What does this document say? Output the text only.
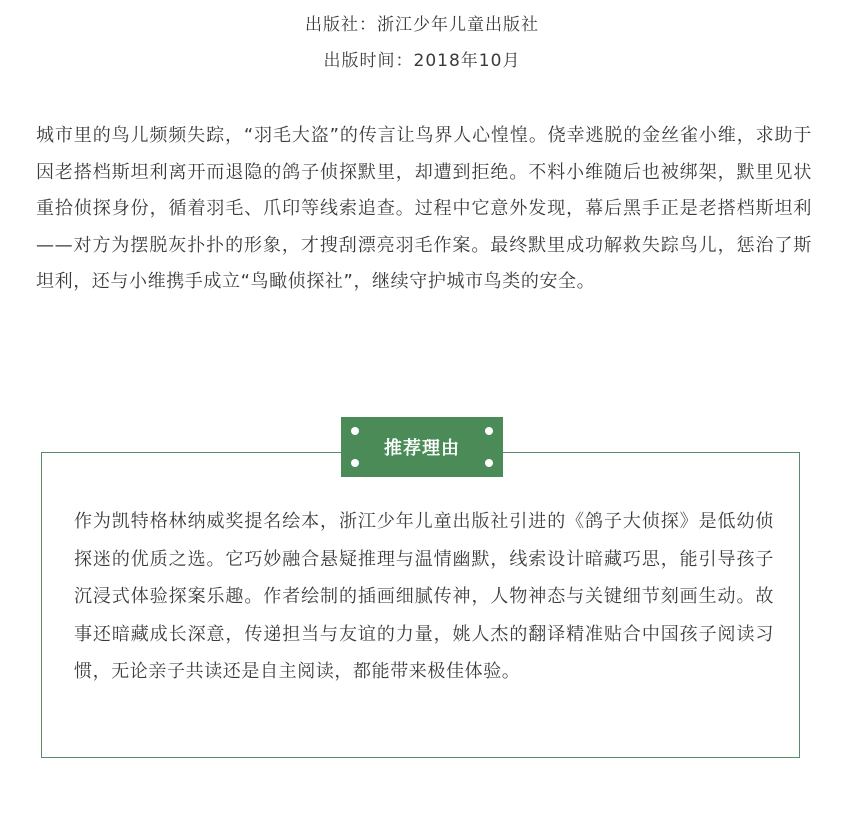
出版社：浙江少年儿童出版社
出版时间：2018年10月

城市里的鸟儿频频失踪，“羽毛大盗”的传言让鸟界人心惶惶。侥幸逃脱的金丝雀小维，求助于因老搭档斯坦利离开而退隐的鸽子侦探默里，却遭到拒绝。不料小维随后也被绑架，默里见状重拾侦探身份，循着羽毛、爪印等线索追查。过程中它意外发现，幕后黑手正是老搭档斯坦利——对方为摆脱灰扑扑的形象，才搜刮漂亮羽毛作案。最终默里成功解救失踪鸟儿，惩治了斯坦利，还与小维携手成立“鸟瞰侦探社”，继续守护城市鸟类的安全。

作为凯特格林纳威奖提名绘本，浙江少年儿童出版社引进的《鸽子大侦探》是低幼侦探迷的优质之选。它巧妙融合悬疑推理与温情幽默，线索设计暗藏巧思，能引导孩子沉浸式体验探案乐趣。作者绘制的插画细腻传神，人物神态与关键细节刻画生动。故事还暗藏成长深意，传递担当与友谊的力量，姚人杰的翻译精准贴合中国孩子阅读习惯，无论亲子共读还是自主阅读，都能带来极佳体验。

推荐理由
